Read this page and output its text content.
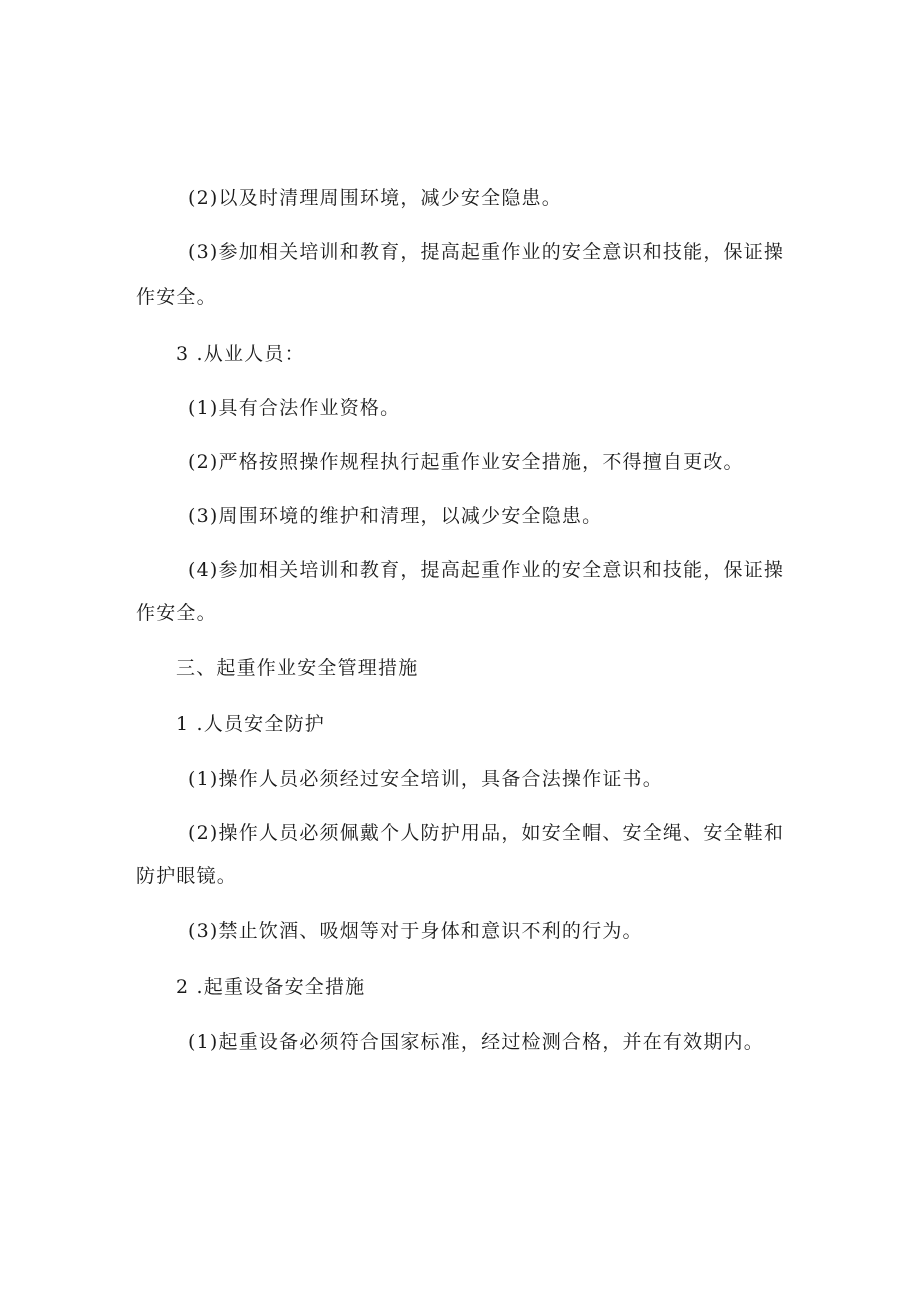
(2)以及时清理周围环境，减少安全隐患。
(3)参加相关培训和教育，提高起重作业的安全意识和技能，保证操
作安全。
3 .从业人员：
(1)具有合法作业资格。
(2)严格按照操作规程执行起重作业安全措施，不得擅自更改。
(3)周围环境的维护和清理，以减少安全隐患。
(4)参加相关培训和教育，提高起重作业的安全意识和技能，保证操
作安全。
三、起重作业安全管理措施
1 .人员安全防护
(1)操作人员必须经过安全培训，具备合法操作证书。
(2)操作人员必须佩戴个人防护用品，如安全帽、安全绳、安全鞋和
防护眼镜。
(3)禁止饮酒、吸烟等对于身体和意识不利的行为。
2 .起重设备安全措施
(1)起重设备必须符合国家标准，经过检测合格，并在有效期内。
